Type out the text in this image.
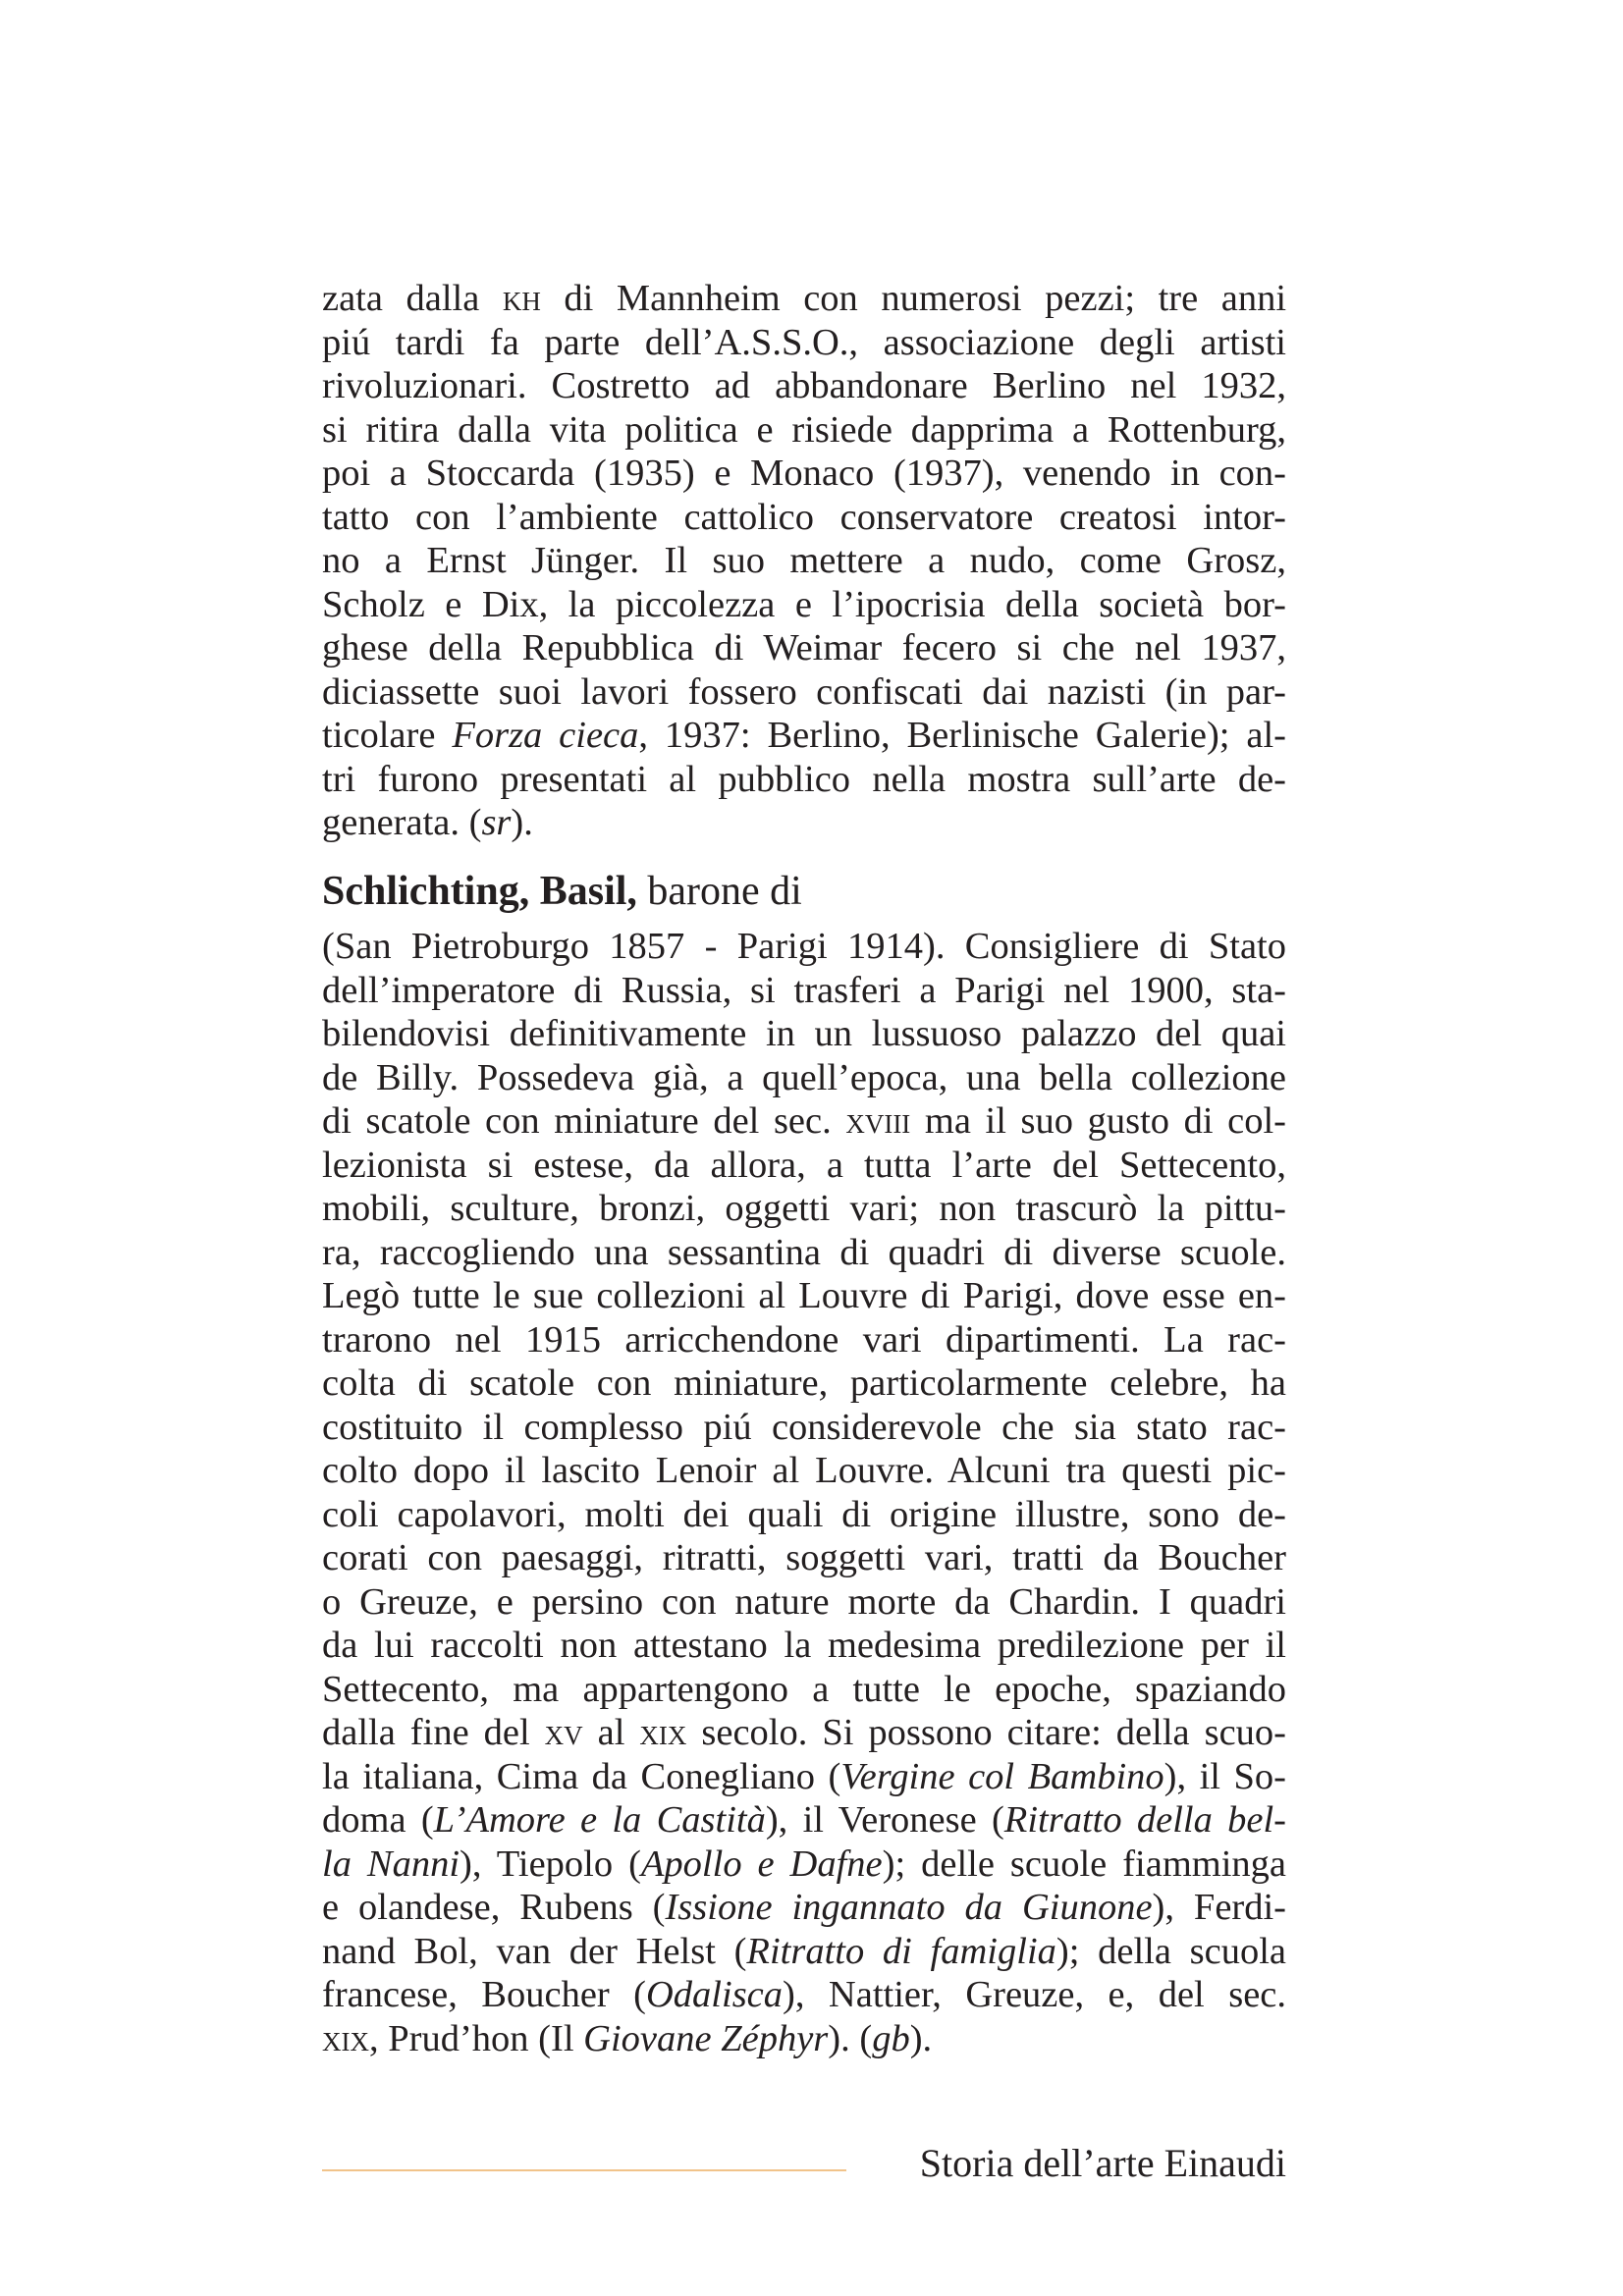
zata dalla kh di Mannheim con numerosi pezzi; tre anni
piú tardi fa parte dell’A.S.S.O., associazione degli artisti
rivoluzionari. Costretto ad abbandonare Berlino nel 1932,
si ritira dalla vita politica e risiede dapprima a Rottenburg,
poi a Stoccarda (1935) e Monaco (1937), venendo in con-
tatto con l’ambiente cattolico conservatore creatosi intor-
no a Ernst Jünger. Il suo mettere a nudo, come Grosz,
Scholz e Dix, la piccolezza e l’ipocrisia della società bor-
ghese della Repubblica di Weimar fecero si che nel 1937,
diciassette suoi lavori fossero confiscati dai nazisti (in par-
ticolare Forza cieca, 1937: Berlino, Berlinische Galerie); al-
tri furono presentati al pubblico nella mostra sull’arte de-
generata. (sr).
Schlichting, Basil, barone di
(San Pietroburgo 1857 - Parigi 1914). Consigliere di Stato
dell’imperatore di Russia, si trasferi a Parigi nel 1900, sta-
bilendovisi definitivamente in un lussuoso palazzo del quai
de Billy. Possedeva già, a quell’epoca, una bella collezione
di scatole con miniature del sec. xviii ma il suo gusto di col-
lezionista si estese, da allora, a tutta l’arte del Settecento,
mobili, sculture, bronzi, oggetti vari; non trascurò la pittu-
ra, raccogliendo una sessantina di quadri di diverse scuole.
Legò tutte le sue collezioni al Louvre di Parigi, dove esse en-
trarono nel 1915 arricchendone vari dipartimenti. La rac-
colta di scatole con miniature, particolarmente celebre, ha
costituito il complesso piú considerevole che sia stato rac-
colto dopo il lascito Lenoir al Louvre. Alcuni tra questi pic-
coli capolavori, molti dei quali di origine illustre, sono de-
corati con paesaggi, ritratti, soggetti vari, tratti da Boucher
o Greuze, e persino con nature morte da Chardin. I quadri
da lui raccolti non attestano la medesima predilezione per il
Settecento, ma appartengono a tutte le epoche, spaziando
dalla fine del xv al xix secolo. Si possono citare: della scuo-
la italiana, Cima da Conegliano (Vergine col Bambino), il So-
doma (L’Amore e la Castità), il Veronese (Ritratto della bel-
la Nanni), Tiepolo (Apollo e Dafne); delle scuole fiamminga
e olandese, Rubens (Issione ingannato da Giunone), Ferdi-
nand Bol, van der Helst (Ritratto di famiglia); della scuola
francese, Boucher (Odalisca), Nattier, Greuze, e, del sec.
xix, Prud’hon (Il Giovane Zéphyr). (gb).
Storia dell’arte Einaudi
